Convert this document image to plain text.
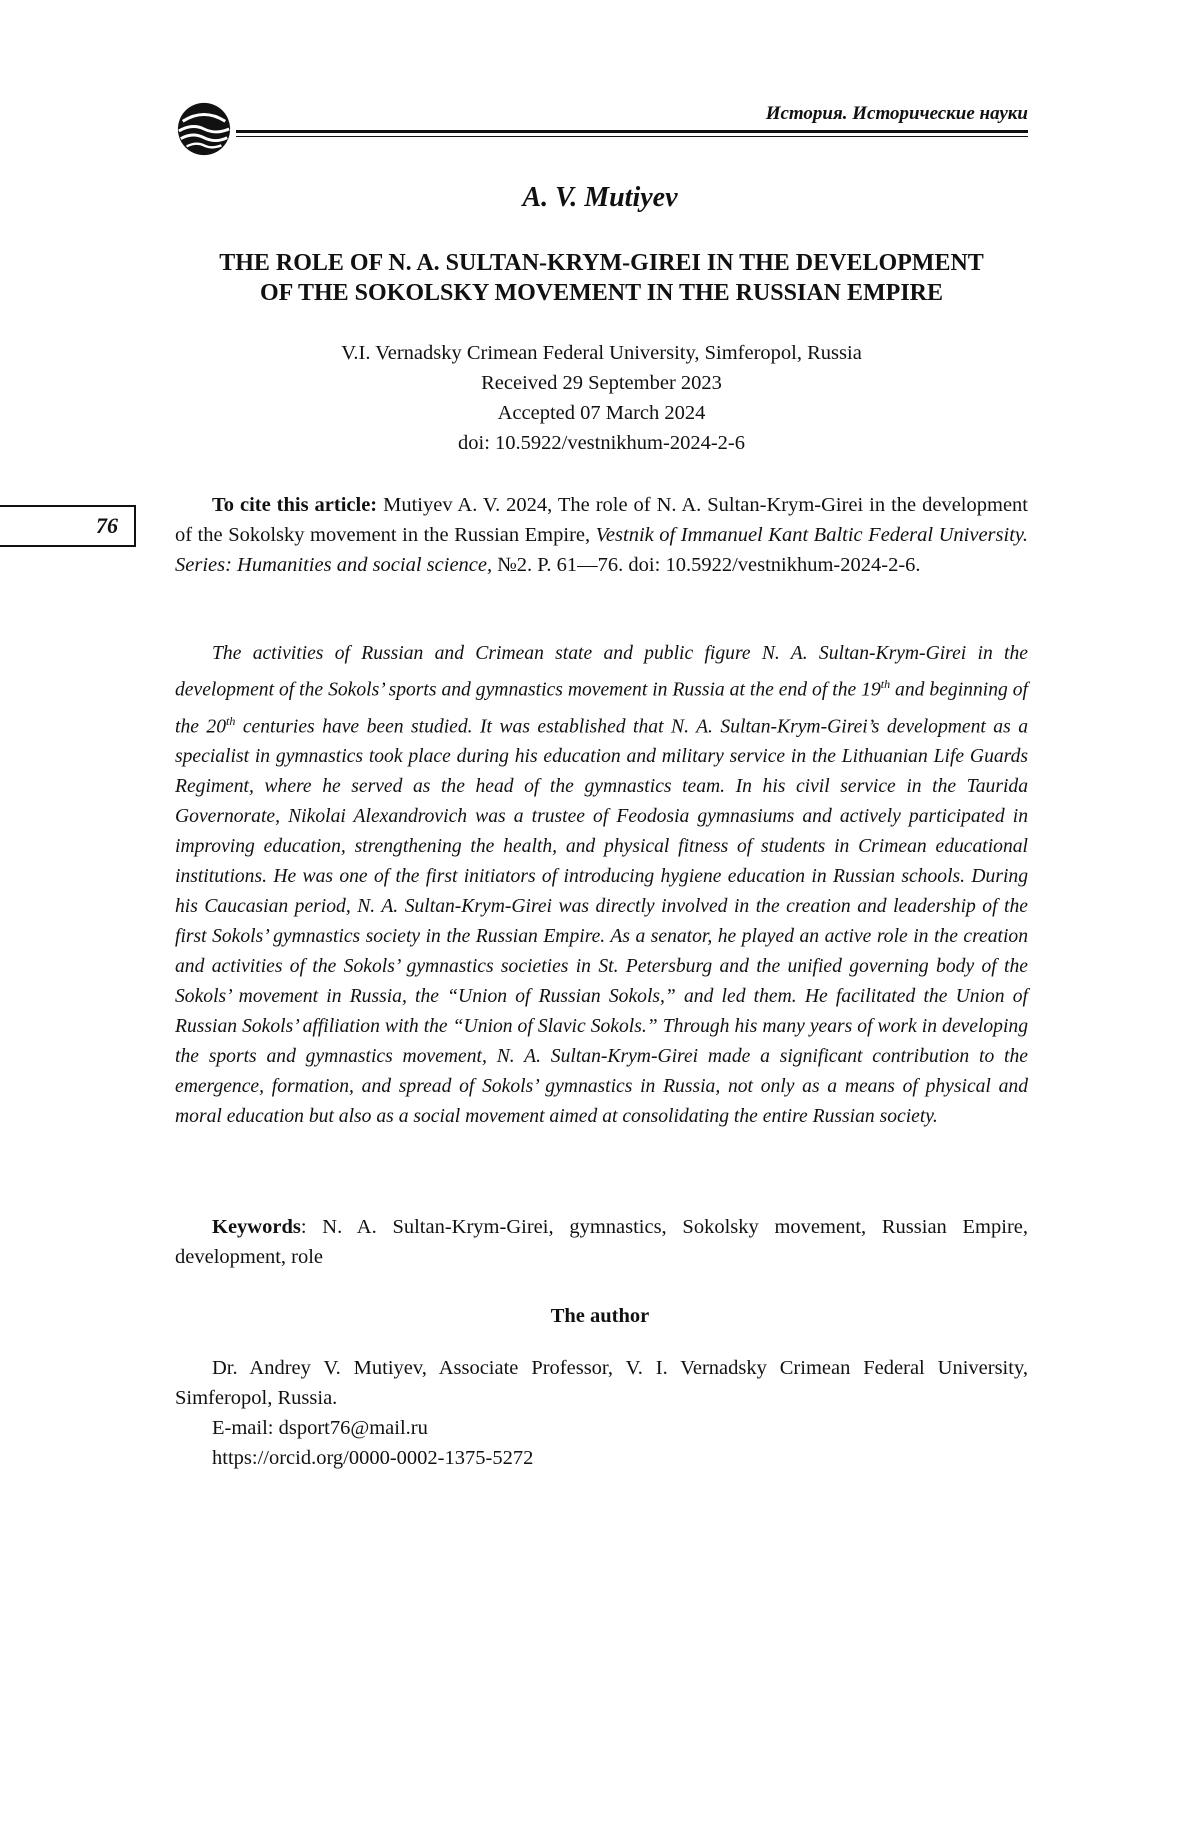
История. Исторические науки
A. V. Mutiyev
THE ROLE OF N. A. SULTAN-KRYM-GIREI IN THE DEVELOPMENT
OF THE SOKOLSKY MOVEMENT IN THE RUSSIAN EMPIRE
V.I. Vernadsky Crimean Federal University, Simferopol, Russia
Received 29 September 2023
Accepted 07 March 2024
doi: 10.5922/vestnikhum-2024-2-6
76
To cite this article: Mutiyev A. V. 2024, The role of N. A. Sultan-Krym-Girei in the development of the Sokolsky movement in the Russian Empire, Vestnik of Immanuel Kant Baltic Federal University. Series: Humanities and social science, №2. P. 61—76. doi: 10.5922/vestnikhum-2024-2-6.
The activities of Russian and Crimean state and public figure N. A. Sultan-Krym-Girei in the development of the Sokols’ sports and gymnastics movement in Russia at the end of the 19th and beginning of the 20th centuries have been studied. It was established that N. A. Sultan-Krym-Girei’s development as a specialist in gymnastics took place during his education and military service in the Lithuanian Life Guards Regiment, where he served as the head of the gymnastics team. In his civil service in the Taurida Governorate, Nikolai Alexandrovich was a trustee of Feodosia gymnasiums and actively participated in improving education, strengthening the health, and physical fitness of students in Crimean educational institutions. He was one of the first initiators of introducing hygiene education in Russian schools. During his Caucasian period, N. A. Sultan-Krym-Girei was directly involved in the creation and leadership of the first Sokols’ gymnastics society in the Russian Empire. As a senator, he played an active role in the creation and activities of the Sokols’ gymnastics societies in St. Petersburg and the unified governing body of the Sokols’ movement in Russia, the “Union of Russian Sokols,” and led them. He facilitated the Union of Russian Sokols’ affiliation with the “Union of Slavic Sokols.” Through his many years of work in developing the sports and gymnastics movement, N. A. Sultan-Krym-Girei made a significant contribution to the emergence, formation, and spread of Sokols’ gymnastics in Russia, not only as a means of physical and moral education but also as a social movement aimed at consolidating the entire Russian society.
Keywords: N. A. Sultan-Krym-Girei, gymnastics, Sokolsky movement, Russian Empire, development, role
The author
Dr. Andrey V. Mutiyev, Associate Professor, V. I. Vernadsky Crimean Federal University, Simferopol, Russia.
E-mail: dsport76@mail.ru
https://orcid.org/0000-0002-1375-5272
